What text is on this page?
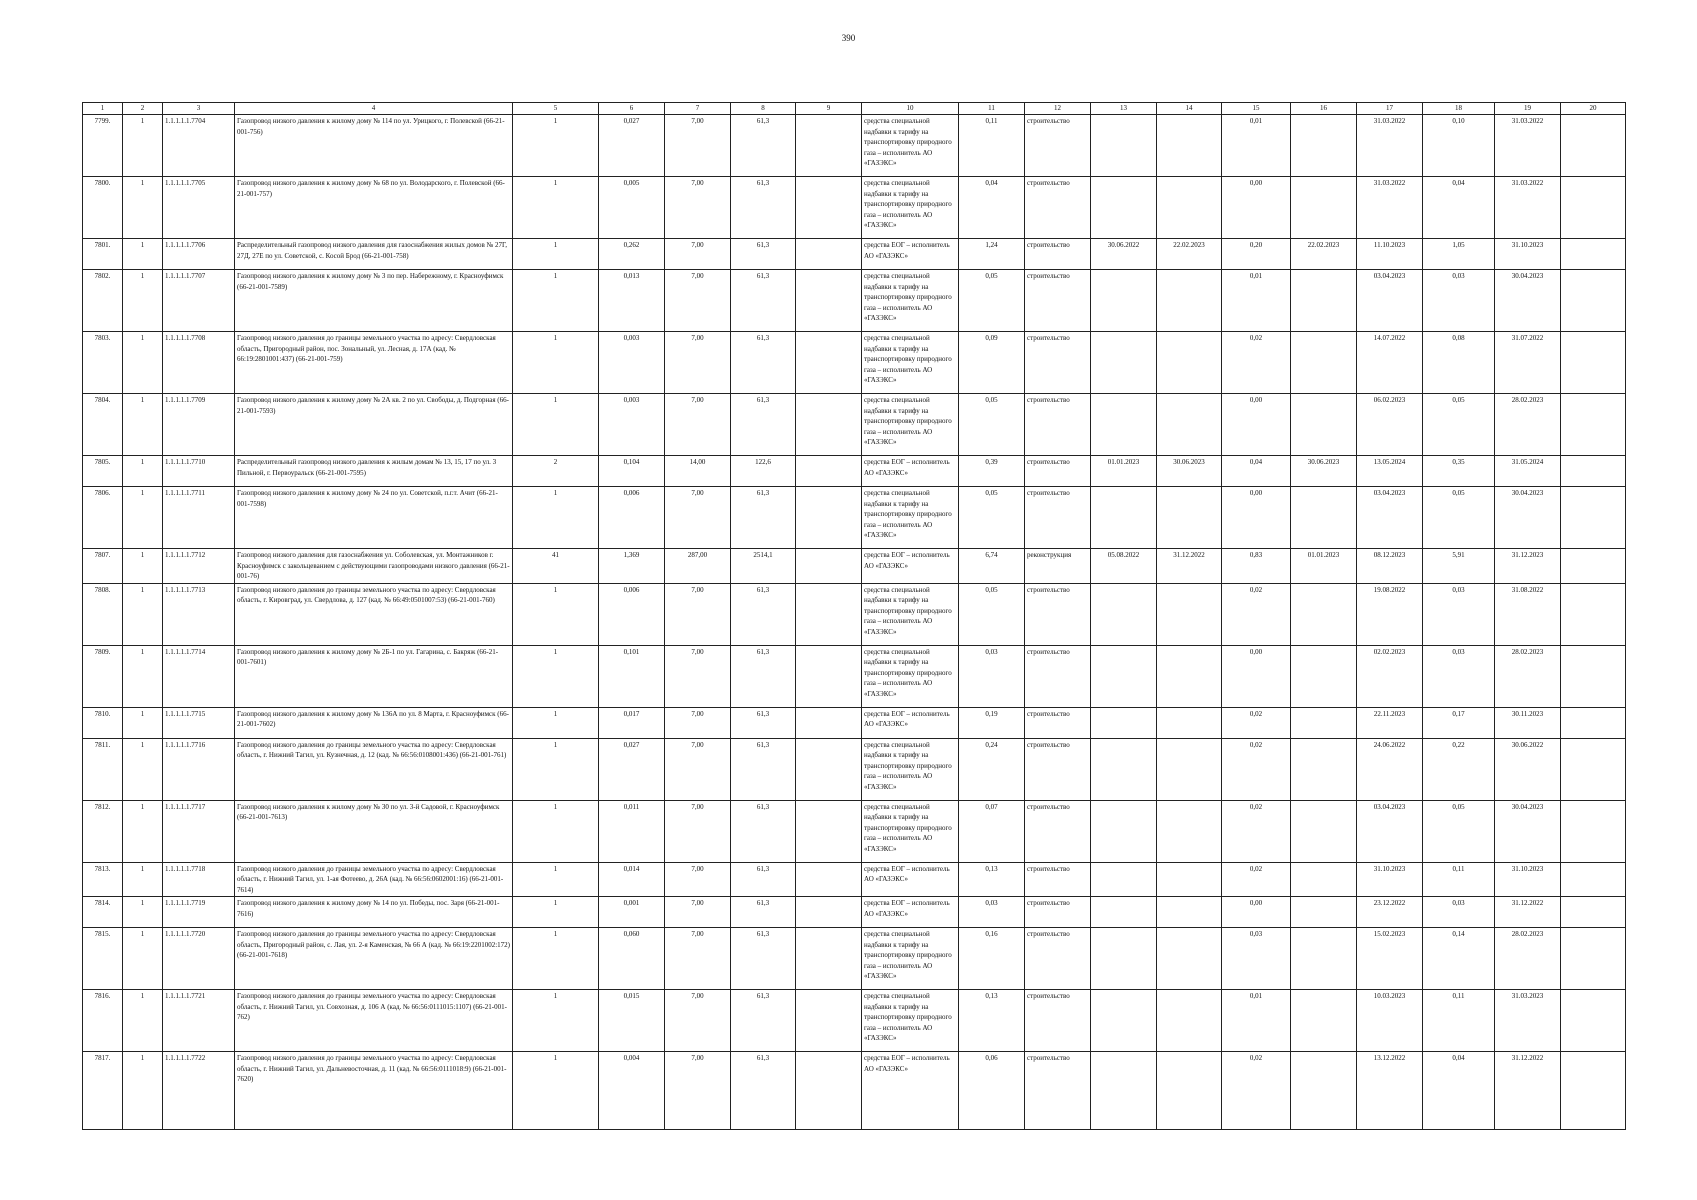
390
1	2	3	4	5	6	7	8	9	10	11	12	13	14	15	16	17	18	19	20
7799.	1	1.1.1.1.1.7704	Газопровод низкого давления к жилому дому № 114 по ул. Урицкого, г. Полевской (66-21-001-756)	1	0,027	7,00	61,3		средства специальной надбавки к тарифу на транспортировку природного газа – исполнитель АО «ГАЗЭКС»	0,11	строительство			0,01		31.03.2022	0,10	31.03.2022	
7800.	1	1.1.1.1.1.7705	Газопровод низкого давления к жилому дому № 68 по ул. Володарского, г. Полевской (66-21-001-757)	1	0,005	7,00	61,3		средства специальной надбавки к тарифу на транспортировку природного газа – исполнитель АО «ГАЗЭКС»	0,04	строительство			0,00		31.03.2022	0,04	31.03.2022	
7801.	1	1.1.1.1.1.7706	Распределительный газопровод низкого давления для газоснабжения жилых домов № 27Г, 27Д, 27Е по ул. Советской, с. Косой Брод (66-21-001-758)	1	0,262	7,00	61,3		средства ЕОГ – исполнитель АО «ГАЗЭКС»	1,24	строительство	30.06.2022	22.02.2023	0,20	22.02.2023	11.10.2023	1,05	31.10.2023	
7802.	1	1.1.1.1.1.7707	Газопровод низкого давления к жилому дому № 3 по пер. Набережному, г. Красноуфимск (66-21-001-7589)	1	0,013	7,00	61,3		средства специальной надбавки к тарифу на транспортировку природного газа – исполнитель АО «ГАЗЭКС»	0,05	строительство			0,01		03.04.2023	0,03	30.04.2023	
7803.	1	1.1.1.1.1.7708	Газопровод низкого давления до границы земельного участка по адресу: Свердловская область, Пригородный район, пос. Зональный, ул. Лесная, д. 17А (кад. № 66:19:2801001:437) (66-21-001-759)	1	0,003	7,00	61,3		средства специальной надбавки к тарифу на транспортировку природного газа – исполнитель АО «ГАЗЭКС»	0,09	строительство			0,02		14.07.2022	0,08	31.07.2022	
7804.	1	1.1.1.1.1.7709	Газопровод низкого давления к жилому дому № 2А кв. 2 по ул. Свободы, д. Подгорная (66-21-001-7593)	1	0,003	7,00	61,3		средства специальной надбавки к тарифу на транспортировку природного газа – исполнитель АО «ГАЗЭКС»	0,05	строительство			0,00		06.02.2023	0,05	28.02.2023	
7805.	1	1.1.1.1.1.7710	Распределительный газопровод низкого давления к жилым домам № 13, 15, 17 по ул. 3 Пильной, г. Первоуральск (66-21-001-7595)	2	0,104	14,00	122,6		средства ЕОГ – исполнитель АО «ГАЗЭКС»	0,39	строительство	01.01.2023	30.06.2023	0,04	30.06.2023	13.05.2024	0,35	31.05.2024	
7806.	1	1.1.1.1.1.7711	Газопровод низкого давления к жилому дому № 24 по ул. Советской, п.г.т. Ачит (66-21-001-7598)	1	0,006	7,00	61,3		средства специальной надбавки к тарифу на транспортировку природного газа – исполнитель АО «ГАЗЭКС»	0,05	строительство			0,00		03.04.2023	0,05	30.04.2023	
7807.	1	1.1.1.1.1.7712	Газопровод низкого давления для газоснабжения ул. Соболевская, ул. Монтажников г. Красноуфимск с закольцеванием с действующими газопроводами низкого давления (66-21-001-76)	41	1,369	287,00	2514,1		средства ЕОГ – исполнитель АО «ГАЗЭКС»	6,74	реконструкция	05.08.2022	31.12.2022	0,83	01.01.2023	08.12.2023	5,91	31.12.2023	
7808.	1	1.1.1.1.1.7713	Газопровод низкого давления до границы земельного участка по адресу: Свердловская область, г. Кировград, ул. Свердлова, д. 127 (кад. № 66:49:0501007:53) (66-21-001-760)	1	0,006	7,00	61,3		средства специальной надбавки к тарифу на транспортировку природного газа – исполнитель АО «ГАЗЭКС»	0,05	строительство			0,02		19.08.2022	0,03	31.08.2022	
7809.	1	1.1.1.1.1.7714	Газопровод низкого давления к жилому дому № 2Б-1 по ул. Гагарина, с. Бакряж (66-21-001-7601)	1	0,101	7,00	61,3		средства специальной надбавки к тарифу на транспортировку природного газа – исполнитель АО «ГАЗЭКС»	0,03	строительство			0,00		02.02.2023	0,03	28.02.2023	
7810.	1	1.1.1.1.1.7715	Газопровод низкого давления к жилому дому № 136А по ул. 8 Марта, г. Красноуфимск (66-21-001-7602)	1	0,017	7,00	61,3		средства ЕОГ – исполнитель АО «ГАЗЭКС»	0,19	строительство			0,02		22.11.2023	0,17	30.11.2023	
7811.	1	1.1.1.1.1.7716	Газопровод низкого давления до границы земельного участка по адресу: Свердловская область, г. Нижний Тагил, ул. Кузнечная, д. 12 (кад. № 66:56:0108001:436) (66-21-001-761)	1	0,027	7,00	61,3		средства специальной надбавки к тарифу на транспортировку природного газа – исполнитель АО «ГАЗЭКС»	0,24	строительство			0,02		24.06.2022	0,22	30.06.2022	
7812.	1	1.1.1.1.1.7717	Газопровод низкого давления к жилому дому № 30 по ул. 3-й Садовой, г. Красноуфимск (66-21-001-7613)	1	0,011	7,00	61,3		средства специальной надбавки к тарифу на транспортировку природного газа – исполнитель АО «ГАЗЭКС»	0,07	строительство			0,02		03.04.2023	0,05	30.04.2023	
7813.	1	1.1.1.1.1.7718	Газопровод низкого давления до границы земельного участка по адресу: Свердловская область, г. Нижний Тагил, ул. 1-ая Фотеево, д. 26А (кад. № 66:56:0602001:16) (66-21-001-7614)	1	0,014	7,00	61,3		средства ЕОГ – исполнитель АО «ГАЗЭКС»	0,13	строительство			0,02		31.10.2023	0,11	31.10.2023	
7814.	1	1.1.1.1.1.7719	Газопровод низкого давления к жилому дому № 14 по ул. Победы, пос. Заря (66-21-001-7616)	1	0,001	7,00	61,3		средства ЕОГ – исполнитель АО «ГАЗЭКС»	0,03	строительство			0,00		23.12.2022	0,03	31.12.2022	
7815.	1	1.1.1.1.1.7720	Газопровод низкого давления до границы земельного участка по адресу: Свердловская область, Пригородный район, с. Лая, ул. 2-я Каменская, № 66 А (кад. № 66:19:2201002:172) (66-21-001-7618)	1	0,060	7,00	61,3		средства специальной надбавки к тарифу на транспортировку природного газа – исполнитель АО «ГАЗЭКС»	0,16	строительство			0,03		15.02.2023	0,14	28.02.2023	
7816.	1	1.1.1.1.1.7721	Газопровод низкого давления до границы земельного участка по адресу: Свердловская область, г. Нижний Тагил, ул. Совхозная, д. 106 А (кад. № 66:56:0111015:1107) (66-21-001-762)	1	0,015	7,00	61,3		средства специальной надбавки к тарифу на транспортировку природного газа – исполнитель АО «ГАЗЭКС»	0,13	строительство			0,01		10.03.2023	0,11	31.03.2023	
7817.	1	1.1.1.1.1.7722	Газопровод низкого давления до границы земельного участка по адресу: Свердловская область, г. Нижний Тагил, ул. Дальневосточная, д. 11 (кад. № 66:56:0111018:9) (66-21-001-7620)	1	0,004	7,00	61,3		средства ЕОГ – исполнитель АО «ГАЗЭКС»	0,06	строительство			0,02		13.12.2022	0,04	31.12.2022	
